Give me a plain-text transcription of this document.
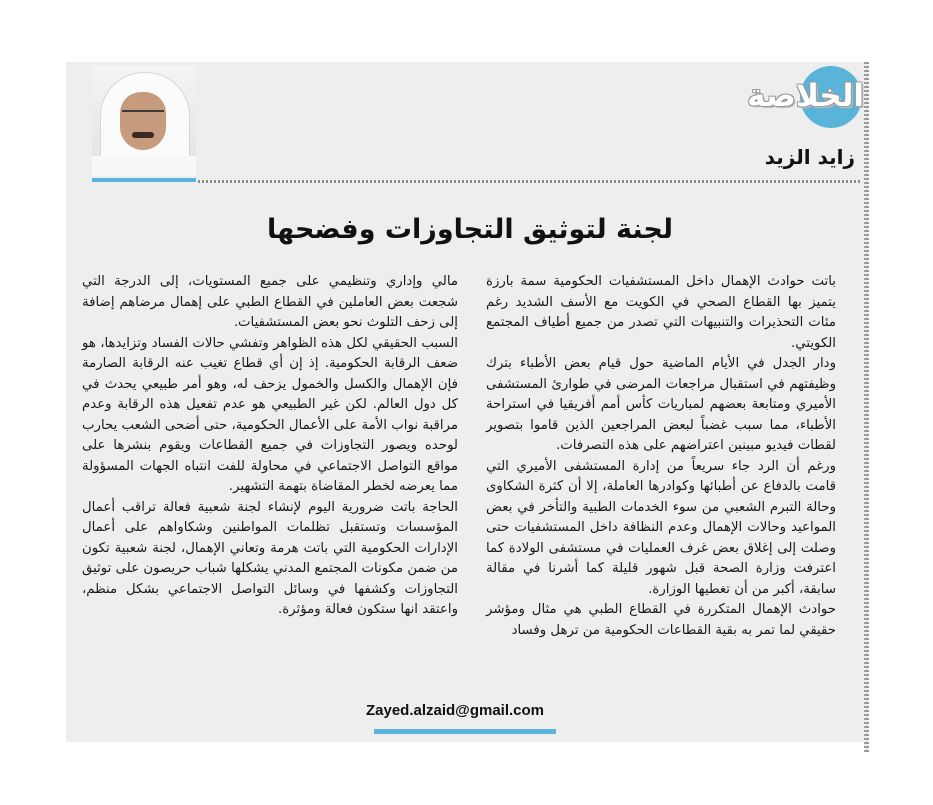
الخلاصة
زايد الزيد
لجنة لتوثيق التجاوزات وفضحها

باتت حوادث الإهمال داخل المستشفيات الحكومية سمة بارزة يتميز بها القطاع الصحي في الكويت مع الأسف الشديد رغم مئات التحذيرات والتنبيهات التي تصدر من جميع أطياف المجتمع الكويتي.

ودار الجدل في الأيام الماضية حول قيام بعض الأطباء بترك وظيفتهم في استقبال مراجعات المرضى في طوارئ المستشفى الأميري ومتابعة بعضهم لمباريات كأس أمم أفريقيا في استراحة الأطباء، مما سبب غضباً لبعض المراجعين الذين قاموا بتصوير لقطات فيديو مبينين اعتراضهم على هذه التصرفات.

ورغم أن الرد جاء سريعاً من إدارة المستشفى الأميري التي قامت بالدفاع عن أطبائها وكوادرها العاملة، إلا أن كثرة الشكاوى وحالة التبرم الشعبي من سوء الخدمات الطبية والتأخر في بعض المواعيد وحالات الإهمال وعدم النظافة داخل المستشفيات حتى وصلت إلى إغلاق بعض غرف العمليات في مستشفى الولادة كما اعترفت وزارة الصحة قبل شهور قليلة كما أشرنا في مقالة سابقة، أكبر من أن تغطيها الوزارة.

حوادث الإهمال المتكررة في القطاع الطبي هي مثال ومؤشر حقيقي لما تمر به بقية القطاعات الحكومية من ترهل وفساد

مالي وإداري وتنظيمي على جميع المستويات، إلى الدرجة التي شجعت بعض العاملين في القطاع الطبي على إهمال مرضاهم إضافة إلى زحف التلوث نحو بعض المستشفيات.

السبب الحقيقي لكل هذه الظواهر وتفشي حالات الفساد وتزايدها، هو ضعف الرقابة الحكومية. إذ إن أي قطاع تغيب عنه الرقابة الصارمة فإن الإهمال والكسل والخمول يزحف له، وهو أمر طبيعي يحدث في كل دول العالم. لكن غير الطبيعي هو عدم تفعيل هذه الرقابة وعدم مراقبة نواب الأمة على الأعمال الحكومية، حتى أضحى الشعب يحارب لوحده ويصور التجاوزات في جميع القطاعات ويقوم بنشرها على مواقع التواصل الاجتماعي في محاولة للفت انتباه الجهات المسؤولة مما يعرضه لخطر المقاضاة بتهمة التشهير.

الحاجة باتت ضرورية اليوم لإنشاء لجنة شعبية فعالة تراقب أعمال المؤسسات وتستقبل تظلمات المواطنين وشكاواهم على أعمال الإدارات الحكومية التي باتت هرمة وتعاني الإهمال، لجنة شعبية تكون من ضمن مكونات المجتمع المدني يشكلها شباب حريصون على توثيق التجاوزات وكشفها في وسائل التواصل الاجتماعي بشكل منظم، واعتقد انها ستكون فعالة ومؤثرة.

Zayed.alzaid@gmail.com
